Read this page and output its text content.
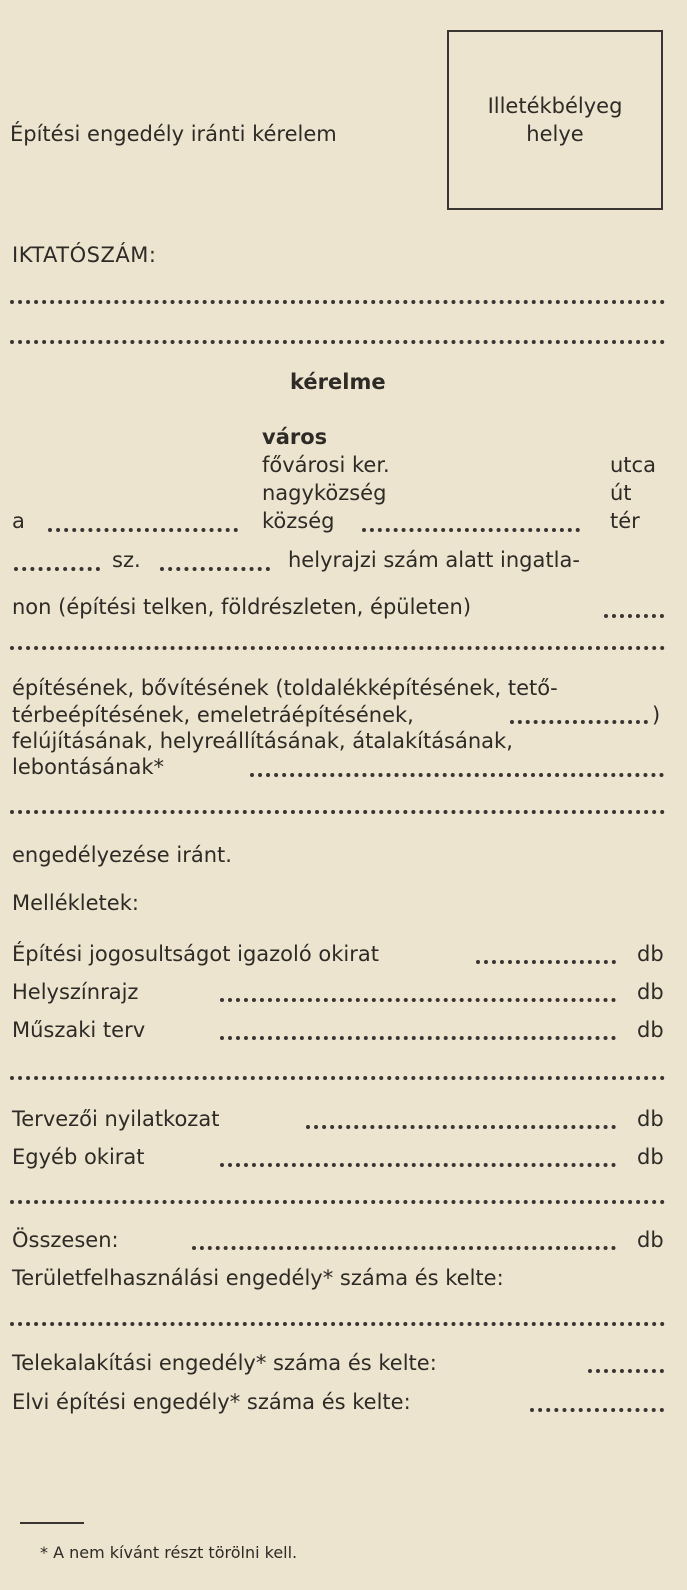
Építési engedély iránti kérelem
Illetékbélyeg
helye
IKTATÓSZÁM:
kérelme
város
fővárosi ker.
nagyközség
a	község
utca
út
tér
sz.	helyrajzi szám alatt ingatla-
non (építési telken, földrészleten, épületen)
építésének, bővítésének (toldalékképítésének, tető-
térbeépítésének, emeletráépítésének,	)
felújításának, helyreállításának, átalakításának,
lebontásának*
engedélyezése iránt.
Mellékletek:
Építési jogosultságot igazoló okirat	db
Helyszínrajz	db
Műszaki terv	db
Tervezői nyilatkozat	db
Egyéb okirat	db
Összesen:	db
Területfelhasználási engedély* száma és kelte:
Telekalakítási engedély* száma és kelte:
Elvi építési engedély* száma és kelte:
* A nem kívánt részt törölni kell.
